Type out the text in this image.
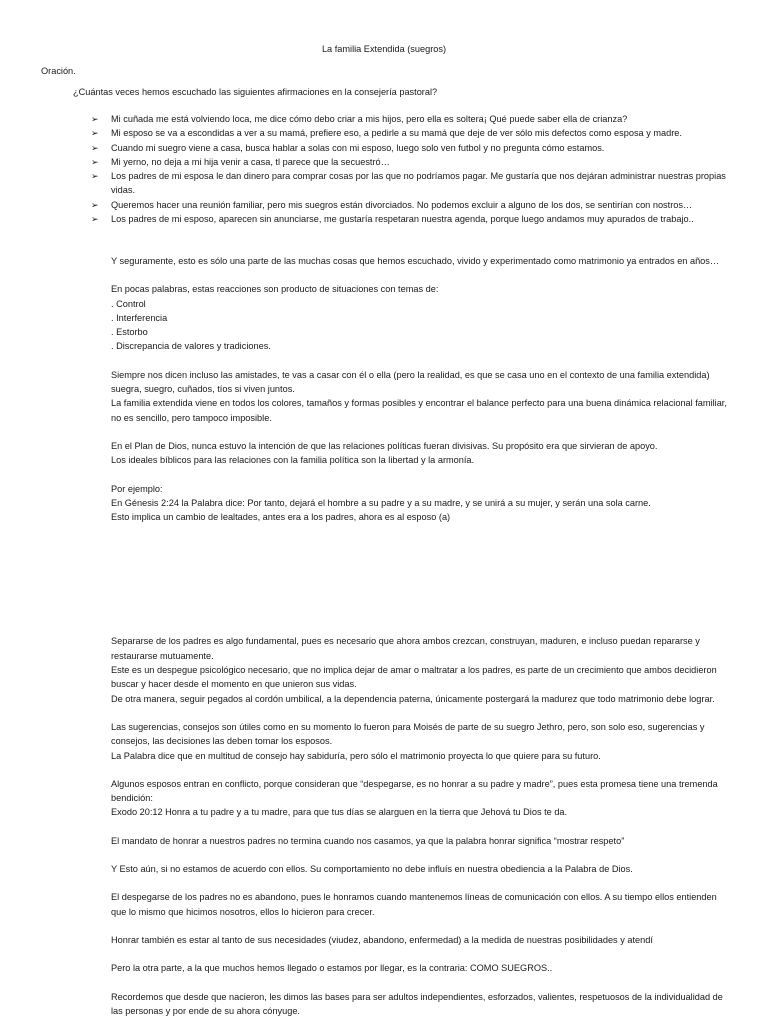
La familia Extendida (suegros)
Oración.
¿Cuántas veces hemos escuchado las siguientes afirmaciones en la consejería pastoral?
➢ Mi cuñada me está volviendo loca, me dice cómo debo criar a mis hijos, pero ella es soltera¡ Qué puede saber ella de crianza?
➢ Mi esposo se va a escondidas a ver a su mamá, prefiere eso, a pedirle a su mamá que deje de ver sólo mis defectos como esposa y madre.
➢ Cuando mi suegro viene a casa, busca hablar a solas con mi esposo, luego solo ven futbol y no pregunta cómo estamos.
➢ Mi yerno, no deja a mi hija venir a casa, tl parece que la secuestró…
➢ Los padres de mi esposa le dan dinero para comprar cosas por las que no podríamos pagar. Me gustaría que nos dejáran administrar nuestras propias vidas.
➢ Queremos hacer una reunión familiar, pero mis suegros están divorciados. No podemos excluir a alguno de los dos, se sentirían con nostros…
➢ Los padres de mi esposo, aparecen sin anunciarse, me gustaría respetaran nuestra agenda, porque luego andamos muy apurados de trabajo..

Y seguramente, esto es sólo una parte de las muchas cosas que hemos escuchado, vivido y experimentado como matrimonio ya entrados en años…

En pocas palabras, estas reacciones son producto de situaciones con temas de:
. Control
. Interferencia
. Estorbo
. Discrepancia de valores y tradiciones.

Siempre nos dicen incluso las amistades, te vas a casar con él o ella (pero la realidad, es que se casa uno en el contexto de una familia extendida) suegra, suegro, cuñados, tíos si viven juntos.
La familia extendida viene en todos los colores, tamaños y formas posibles y encontrar el balance perfecto para una buena dinámica relacional familiar, no es sencillo, pero tampoco imposible.

En el Plan de Dios, nunca estuvo la intención de que las relaciones políticas fueran divisivas. Su propósito era que sirvieran de apoyo.
Los ideales bíblicos para las relaciones con la familia política son la libertad y la armonía.

Por ejemplo:
En Génesis 2:24 la Palabra dice: Por tanto, dejará el hombre a su padre y a su madre, y se unirá a su mujer, y serán una sola carne.
Esto implica un cambio de lealtades, antes era a los padres, ahora es al esposo (a)

Separarse de los padres es algo fundamental, pues es necesario que ahora ambos crezcan, construyan, maduren, e incluso puedan repararse y restaurarse mutuamente.
Este es un despegue psicológico necesario, que no implica dejar de amar o maltratar a los padres, es parte de un crecimiento que ambos decidieron buscar y hacer desde el momento en que unieron sus vidas.
De otra manera, seguir pegados al cordón umbilical, a la dependencia paterna, únicamente postergará la madurez que todo matrimonio debe lograr.

Las sugerencias, consejos son útiles como en su momento lo fueron para Moisés de parte de su suegro Jethro, pero, son solo eso, sugerencias y consejos, las decisiones las deben tomar los esposos.
La Palabra dice que en multitud de consejo hay sabiduría, pero sólo el matrimonio proyecta lo que quiere para su futuro.

Algunos esposos entran en conflicto, porque consideran que “despegarse, es no honrar a su padre y madre”, pues esta promesa tiene una tremenda bendición:
Exodo 20:12 Honra a tu padre y a tu madre, para que tus días se alarguen en la tierra que Jehová tu Dios te da.

El mandato de honrar a nuestros padres no termina cuando nos casamos, ya que la palabra honrar significa “mostrar respeto”

Y Esto aún, si no estamos de acuerdo con ellos. Su comportamiento no debe influís en nuestra obediencia a la Palabra de Dios.

El despegarse de los padres no es abandono, pues le honramos cuando mantenemos líneas de comunicación con ellos. A su tiempo ellos entienden que lo mismo que hicimos nosotros, ellos lo hicieron para crecer.

Honrar también es estar al tanto de sus necesidades (viudez, abandono, enfermedad) a la medida de nuestras posibilidades y atendí

Pero la otra parte, a la que muchos hemos llegado o estamos por llegar, es la contraria: COMO SUEGROS..

Recordemos que desde que nacieron, les dimos las bases para ser adultos independientes, esforzados, valientes, respetuosos de la individualidad de las personas y por ende de su ahora cónyuge.
